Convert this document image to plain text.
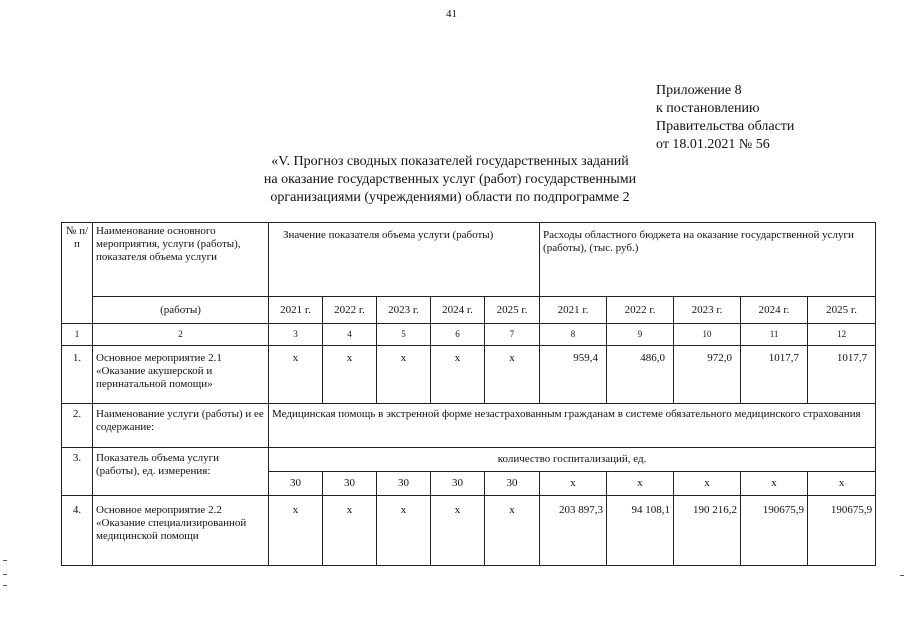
41
Приложение 8
к постановлению
Правительства области
от 18.01.2021 № 56
«V. Прогноз сводных показателей государственных заданий
на оказание государственных услуг (работ) государственными
организациями (учреждениями) области по подпрограмме 2
№ п/п	Наименование основного мероприятия, услуги (работы), показателя объема услуги	Значение показателя объема услуги (работы)					Расходы областного бюджета на оказание государственной услуги (работы), (тыс. руб.)				
	(работы)	2021 г.	2022 г.	2023 г.	2024 г.	2025 г.	2021 г.	2022 г.	2023 г.	2024 г.	2025 г.
1	2	3	4	5	6	7	8	9	10	11	12
1.	Основное мероприятие 2.1 «Оказание акушерской и перинатальной помощи»	х	х	х	х	х	959,4	486,0	972,0	1017,7	1017,7
2.	Наименование услуги (работы) и ее содержание:	Медицинская помощь в экстренной форме незастрахованным гражданам в системе обязательного медицинского страхования									
3.	Показатель объема услуги (работы), ед. измерения:	количество госпитализаций, ед.									
		30	30	30	30	30	х	х	х	х	х
4.	Основное мероприятие 2.2 «Оказание специализированной медицинской помощи	х	х	х	х	х	203 897,3	94 108,1	190 216,2	190675,9	190675,9
